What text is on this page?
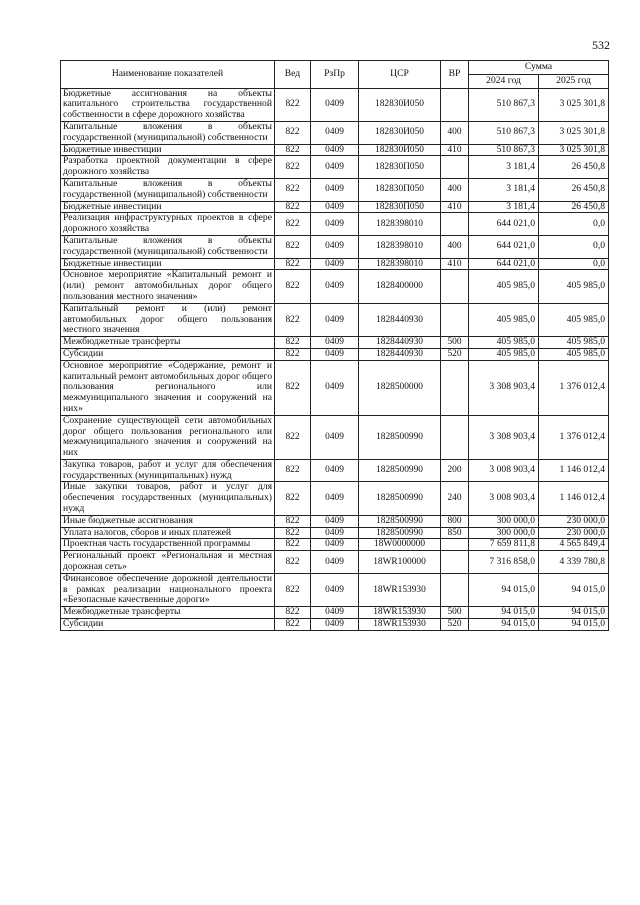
532
Наименование показателей	Вед	РзПр	ЦСР	ВР	Сумма	
					2024 год	2025 год
Бюджетные ассигнования на объекты капитального строительства государственной собственности в сфере дорожного хозяйства	822	0409	182830И050		510 867,3	3 025 301,8
Капитальные вложения в объекты государственной (муниципальной) собственности	822	0409	182830И050	400	510 867,3	3 025 301,8
Бюджетные инвестиции	822	0409	182830И050	410	510 867,3	3 025 301,8
Разработка проектной документации в сфере дорожного хозяйства	822	0409	182830П050		3 181,4	26 450,8
Капитальные вложения в объекты государственной (муниципальной) собственности	822	0409	182830П050	400	3 181,4	26 450,8
Бюджетные инвестиции	822	0409	182830П050	410	3 181,4	26 450,8
Реализация инфраструктурных проектов в сфере дорожного хозяйства	822	0409	1828398010		644 021,0	0,0
Капитальные вложения в объекты государственной (муниципальной) собственности	822	0409	1828398010	400	644 021,0	0,0
Бюджетные инвестиции	822	0409	1828398010	410	644 021,0	0,0
Основное мероприятие «Капитальный ремонт и (или) ремонт автомобильных дорог общего пользования местного значения»	822	0409	1828400000		405 985,0	405 985,0
Капитальный ремонт и (или) ремонт автомобильных дорог общего пользования местного значения	822	0409	1828440930		405 985,0	405 985,0
Межбюджетные трансферты	822	0409	1828440930	500	405 985,0	405 985,0
Субсидии	822	0409	1828440930	520	405 985,0	405 985,0
Основное мероприятие «Содержание, ремонт и капитальный ремонт автомобильных дорог общего пользования регионального или межмуниципального значения и сооружений на них»	822	0409	1828500000		3 308 903,4	1 376 012,4
Сохранение существующей сети автомобильных дорог общего пользования регионального или межмуниципального значения и сооружений на них	822	0409	1828500990		3 308 903,4	1 376 012,4
Закупка товаров, работ и услуг для обеспечения государственных (муниципальных) нужд	822	0409	1828500990	200	3 008 903,4	1 146 012,4
Иные закупки товаров, работ и услуг для обеспечения государственных (муниципальных) нужд	822	0409	1828500990	240	3 008 903,4	1 146 012,4
Иные бюджетные ассигнования	822	0409	1828500990	800	300 000,0	230 000,0
Уплата налогов, сборов и иных платежей	822	0409	1828500990	850	300 000,0	230 000,0
Проектная часть государственной программы	822	0409	18W0000000		7 659 811,8	4 565 849,4
Региональный проект «Региональная и местная дорожная сеть»	822	0409	18WR100000		7 316 858,0	4 339 780,8
Финансовое обеспечение дорожной деятельности в рамках реализации национального проекта «Безопасные качественные дороги»	822	0409	18WR153930		94 015,0	94 015,0
Межбюджетные трансферты	822	0409	18WR153930	500	94 015,0	94 015,0
Субсидии	822	0409	18WR153930	520	94 015,0	94 015,0
